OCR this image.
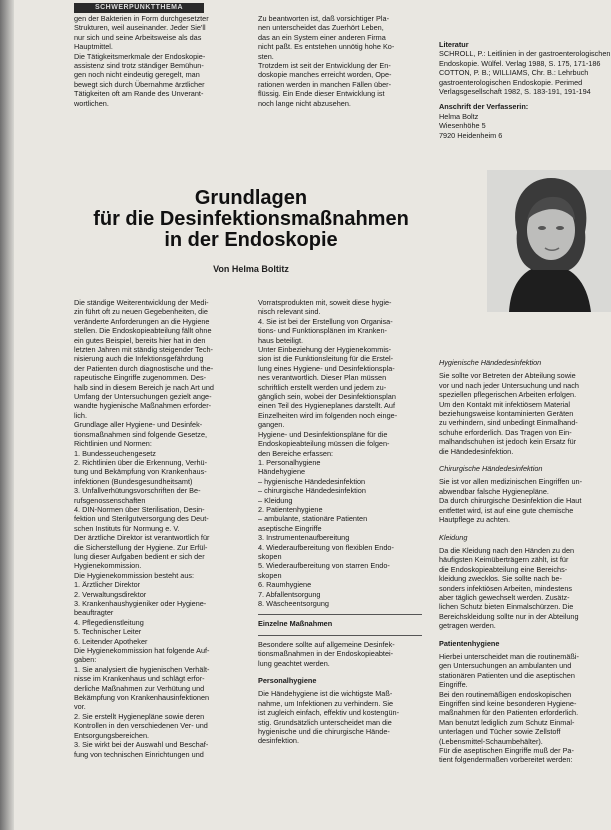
SCHWERPUNKTTHEMA

gen der Bakterien in Form durchgesetzter

Strukturen, weil auseinander. Jeder Sie'll

nur sich und seine Arbeitsweise als das

Hauptmittel.

Die Tätigkeitsmerkmale der Endoskopie-

assistenz sind trotz ständiger Bemühun-

gen noch nicht eindeutig geregelt, man

bewegt sich durch Übernahme ärztlicher

Tätigkeiten oft am Rande des Unverant-

wortlichen.

Zu beantworten ist, daß vorsichtiger Pla-

nen unterscheidet das Zuerhört Leben,

das an ein System einer anderen Firma

nicht paßt. Es entstehen unnötig hohe Ko-

sten.

Trotzdem ist seit der Entwicklung der En-

doskopie manches erreicht worden, Ope-

rationen werden in manchen Fällen über-

flüssig. Ein Ende dieser Entwicklung ist

noch lange nicht abzusehen.

Literatur

SCHROLL, P.: Leitlinien in der gastroenterologischen Endoskopie. Wülfel. Verlag 1988, S. 175, 171-186

COTTON, P. B.; WILLIAMS, Chr. B.: Lehrbuch gastroenterologischen Endoskopie. Perimed Verlagsgesellschaft 1982, S. 183-191, 191-194

Anschrift der Verfasserin:

Helma Boltz

Wiesenhöhe 5

7920 Heidenheim 6

Grundlagen
für die Desinfektionsmaßnahmen
in der Endoskopie
Von Helma Boltitz

Die ständige Weiterentwicklung der Medi-

zin führt oft zu neuen Gegebenheiten, die

veränderte Anforderungen an die Hygiene

stellen. Die Endoskopieabteilung fällt ohne

ein gutes Beispiel, bereits hier hat in den

letzten Jahren mit ständig steigender Tech-

nisierung auch die Infektionsgefährdung

der Patienten durch diagnostische und the-

rapeutische Eingriffe zugenommen. Des-

halb sind in diesem Bereich je nach Art und

Umfang der Untersuchungen gezielt ange-

wandte hygienische Maßnahmen erforder-

lich.

Grundlage aller Hygiene- und Desinfek-

tionsmaßnahmen sind folgende Gesetze,

Richtlinien und Normen:

1. Bundesseuchengesetz

2. Richtlinien über die Erkennung, Verhü-

tung und Bekämpfung von Krankenhaus-

infektionen (Bundesgesundheitsamt)

3. Unfallverhütungsvorschriften der Be-

rufsgenossenschaften

4. DIN-Normen über Sterilisation, Desin-

fektion und Sterilgutversorgung des Deut-

schen Instituts für Normung e. V.

Der ärztliche Direktor ist verantwortlich für

die Sicherstellung der Hygiene. Zur Erfül-

lung dieser Aufgaben bedient er sich der

Hygienekommission.

Die Hygienekommission besteht aus:

1. Ärztlicher Direktor

2. Verwaltungsdirektor

3. Krankenhaushygieniker oder Hygiene-

beauftragter

4. Pflegedienstleitung

5. Technischer Leiter

6. Leitender Apotheker

Die Hygienekommission hat folgende Auf-

gaben:

1. Sie analysiert die hygienischen Verhält-

nisse im Krankenhaus und schlägt erfor-

derliche Maßnahmen zur Verhütung und

Bekämpfung von Krankenhausinfektionen

vor.

2. Sie erstellt Hygienepläne sowie deren

Kontrollen in den verschiedenen Ver- und

Entsorgungsbereichen.

3. Sie wirkt bei der Auswahl und Beschaf-

fung von technischen Einrichtungen und

Vorratsprodukten mit, soweit diese hygie-

nisch relevant sind.

4. Sie ist bei der Erstellung von Organisa-

tions- und Funktionsplänen im Kranken-

haus beteiligt.

Unter Einbeziehung der Hygienekommis-

sion ist die Funktionsleitung für die Erstel-

lung eines Hygiene- und Desinfektionspla-

nes verantwortlich. Dieser Plan müssen

schriftlich erstellt werden und jedem zu-

gänglich sein, wobei der Desinfektionsplan

einen Teil des Hygieneplanes darstellt. Auf

Einzelheiten wird im folgenden noch einge-

gangen.

Hygiene- und Desinfektionspläne für die

Endoskopieabteilung müssen die folgen-

den Bereiche erfassen:

1. Personalhygiene

Händehygiene

– hygienische Händedesinfektion

– chirurgische Händedesinfektion

– Kleidung

2. Patientenhygiene

– ambulante, stationäre Patienten

aseptische Eingriffe

3. Instrumentenaufbereitung

4. Wiederaufbereitung von flexiblen Endo-

skopen

5. Wiederaufbereitung von starren Endo-

skopen

6. Raumhygiene

7. Abfallentsorgung

8. Wäscheentsorgung

Einzelne Maßnahmen

Besondere sollte auf allgemeine Desinfek-

tionsmaßnahmen in der Endoskopieabtei-

lung geachtet werden.

Personalhygiene

Die Händehygiene ist die wichtigste Maß-

nahme, um Infektionen zu verhindern. Sie

ist zugleich einfach, effektiv und kostengün-

stig. Grundsätzlich unterscheidet man die

hygienische und die chirurgische Hände-

desinfektion.

Hygienische Händedesinfektion

Sie sollte vor Betreten der Abteilung sowie

vor und nach jeder Untersuchung und nach

speziellen pflegerischen Arbeiten erfolgen.

Um den Kontakt mit infektiösem Material

beziehungsweise kontaminierten Geräten

zu verhindern, sind unbedingt Einmalhand-

schuhe erforderlich. Das Tragen von Ein-

malhandschuhen ist jedoch kein Ersatz für

die Händedesinfektion.

Chirurgische Händedesinfektion

Sie ist vor allen medizinischen Eingriffen un-

abwendbar falsche Hygienepläne.

Da durch chirurgische Desinfektion die Haut

entfettet wird, ist auf eine gute chemische

Hautpflege zu achten.

Kleidung

Da die Kleidung nach den Händen zu den

häufigsten Keimüberträgern zählt, ist für

die Endoskopieabteilung eine Bereichs-

kleidung zwecklos. Sie sollte nach be-

sonders infektiösen Arbeiten, mindestens

aber täglich gewechselt werden. Zusätz-

lichen Schutz bieten Einmalschürzen. Die

Bereichskleidung sollte nur in der Abteilung

getragen werden.

Patientenhygiene

Hierbei unterscheidet man die routinemäßi-

gen Untersuchungen an ambulanten und

stationären Patienten und die aseptischen

Eingriffe.

Bei den routinemäßigen endoskopischen

Eingriffen sind keine besonderen Hygiene-

maßnahmen für den Patienten erforderlich.

Man benutzt lediglich zum Schutz Einmal-

unterlagen und Tücher sowie Zellstoff

(Lebensmittel-Schaumbehälter).

Für die aseptischen Eingriffe muß der Pa-

tient folgendermaßen vorbereitet werden:
